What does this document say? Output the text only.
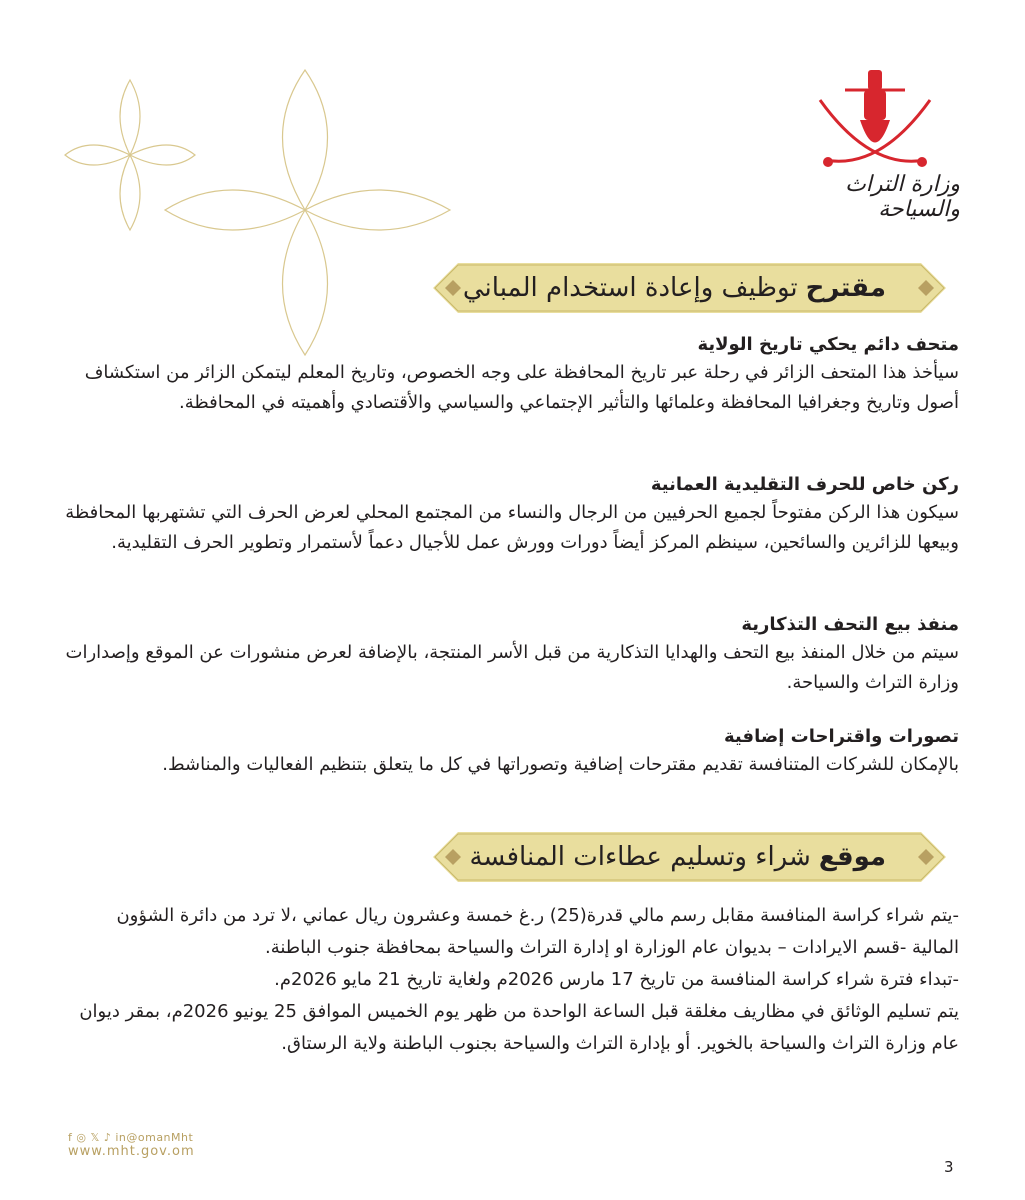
وزارة التراث والسياحة
مقترح
توظيف وإعادة استخدام المباني

متحف دائم يحكي تاريخ الولاية

سيأخذ هذا المتحف الزائر في رحلة عبر تاريخ المحافظة على وجه الخصوص، وتاريخ المعلم ليتمكن الزائر من استكشاف أصول وتاريخ وجغرافيا المحافظة وعلمائها والتأثير الإجتماعي والسياسي والأقتصادي وأهميته في المحافظة.

ركن خاص للحرف التقليدية العمانية

سيكون هذا الركن مفتوحاً لجميع الحرفيين من الرجال والنساء من المجتمع المحلي لعرض الحرف التي تشتهربها المحافظة وبيعها للزائرين والسائحين، سينظم المركز أيضاً دورات وورش عمل للأجيال دعماً لأستمرار وتطوير الحرف التقليدية.

منفذ بيع التحف التذكارية

سيتم من خلال المنفذ بيع التحف والهدايا التذكارية من قبل الأسر المنتجة، بالإضافة لعرض منشورات عن الموقع وإصدارات وزارة التراث والسياحة.

تصورات واقتراحات إضافية

بالإمكان للشركات المتنافسة تقديم مقترحات إضافية وتصوراتها في كل ما يتعلق بتنظيم الفعاليات والمناشط.

موقع
شراء وتسليم عطاءات المنافسة

-يتم شراء كراسة المنافسة مقابل رسم مالي قدرة(25) ر.غ خمسة وعشرون ريال عماني ،لا ترد من دائرة الشؤون المالية -قسم الايرادات – بديوان عام الوزارة او إدارة التراث والسياحة بمحافظة جنوب الباطنة.

-تبداء فترة شراء كراسة المنافسة من تاريخ 17 مارس 2026م ولغاية تاريخ 21 مايو 2026م.

يتم تسليم الوثائق في مظاريف مغلقة قبل الساعة الواحدة من ظهر يوم الخميس الموافق 25 يونيو 2026م، بمقر ديوان عام وزارة التراث والسياحة بالخوير. أو بإدارة التراث والسياحة بجنوب الباطنة ولاية الرستاق.

f ◎ 𝕏 ♪ in@omanMht
www.mht.gov.om
3
